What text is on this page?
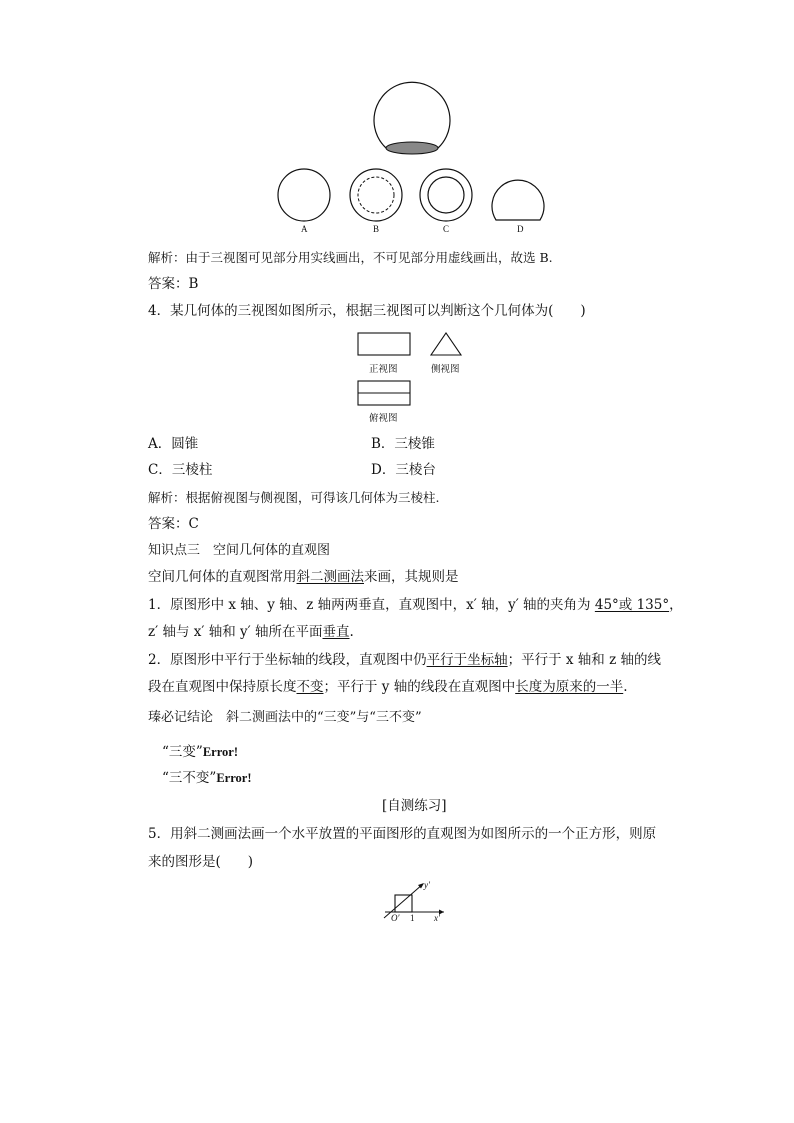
A	B	C	D
解析：由于三视图可见部分用实线画出，不可见部分用虚线画出，故选 B.
答案：B
4．某几何体的三视图如图所示，根据三视图可以判断这个几何体为(　　)
正视图	侧视图
俯视图
A．圆锥	B．三棱锥
C．三棱柱	D．三棱台
解析：根据俯视图与侧视图，可得该几何体为三棱柱.
答案：C
知识点三　空间几何体的直观图
空间几何体的直观图常用斜二测画法来画，其规则是
1．原图形中 x 轴、y 轴、z 轴两两垂直，直观图中，x′ 轴，y′ 轴的夹角为 45°或 135°，
z′ 轴与 x′ 轴和 y′ 轴所在平面垂直.
2．原图形中平行于坐标轴的线段，直观图中仍平行于坐标轴；平行于 x 轴和 z 轴的线
段在直观图中保持原长度不变；平行于 y 轴的线段在直观图中长度为原来的一半.
瑧必记结论　斜二测画法中的“三变”与“三不变”
“三变”Error!
“三不变”Error!
[自测练习]
5．用斜二测画法画一个水平放置的平面图形的直观图为如图所示的一个正方形，则原
来的图形是(　　)
y′
O′ 1 x′
